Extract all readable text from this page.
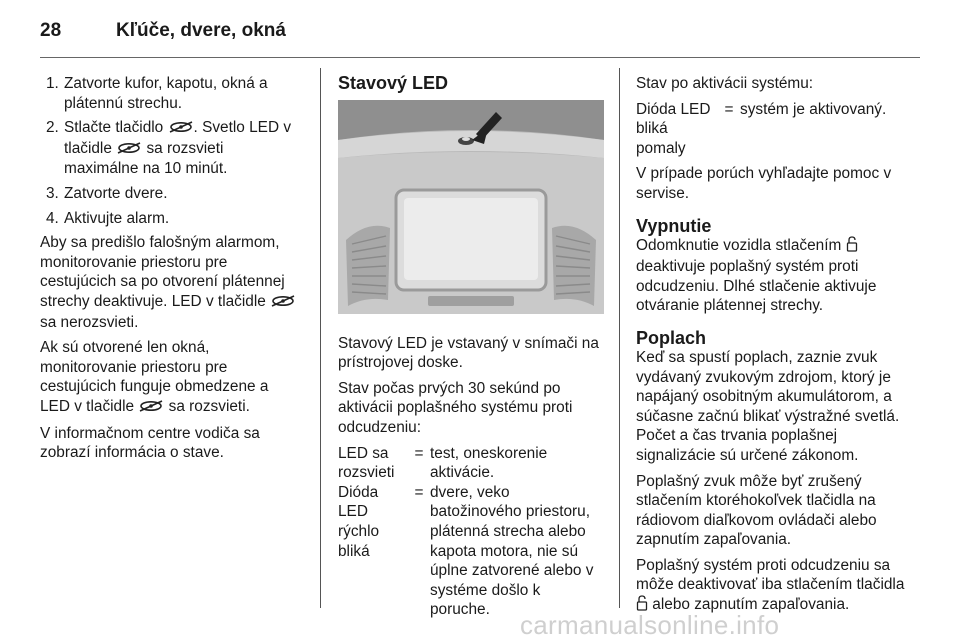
28	Kľúče, dvere, okná
1. Zatvorte kufor, kapotu, okná a plátennú strechu.
2. Stlačte tlačidlo . Svetlo LED v tlačidle  sa rozsvieti maximálne na 10 minút.
3. Zatvorte dvere.
4. Aktivujte alarm.

Aby sa predišlo falošným alarmom, monitorovanie priestoru pre cestujúcich sa po otvorení plátennej strechy deaktivuje. LED v tlačidle  sa nerozsvieti.

Ak sú otvorené len okná, monitorovanie priestoru pre cestujúcich funguje obmedzene a LED v tlačidle  sa rozsvieti.

V informačnom centre vodiča sa zobrazí informácia o stave.

Stavový LED

Stavový LED je vstavaný v snímači na prístrojovej doske.

Stav počas prvých 30 sekúnd po aktivácii poplašného systému proti odcudzeniu:

LED sa rozsvieti	=	test, oneskorenie aktivácie.
Dióda LED rýchlo bliká	=	dvere, veko batožinového priestoru, plátenná strecha alebo kapota motora, nie sú úplne zatvorené alebo v systéme došlo k poruche.

Stav po aktivácii systému:

Dióda LED bliká pomaly	=	systém je aktivovaný.

V prípade porúch vyhľadajte pomoc v servise.

Vypnutie

Odomknutie vozidla stlačením  deaktivuje poplašný systém proti odcudzeniu. Dlhé stlačenie aktivuje otváranie plátennej strechy.

Poplach

Keď sa spustí poplach, zaznie zvuk vydávaný zvukovým zdrojom, ktorý je napájaný osobitným akumulátorom, a súčasne začnú blikať výstražné svetlá. Počet a čas trvania poplašnej signalizácie sú určené zákonom.

Poplašný zvuk môže byť zrušený stlačením ktoréhokoľvek tlačidla na rádiovom diaľkovom ovládači alebo zapnutím zapaľovania.

Poplašný systém proti odcudzeniu sa môže deaktivovať iba stlačením tlačidla  alebo zapnutím zapaľovania.

carmanualsonline.info
